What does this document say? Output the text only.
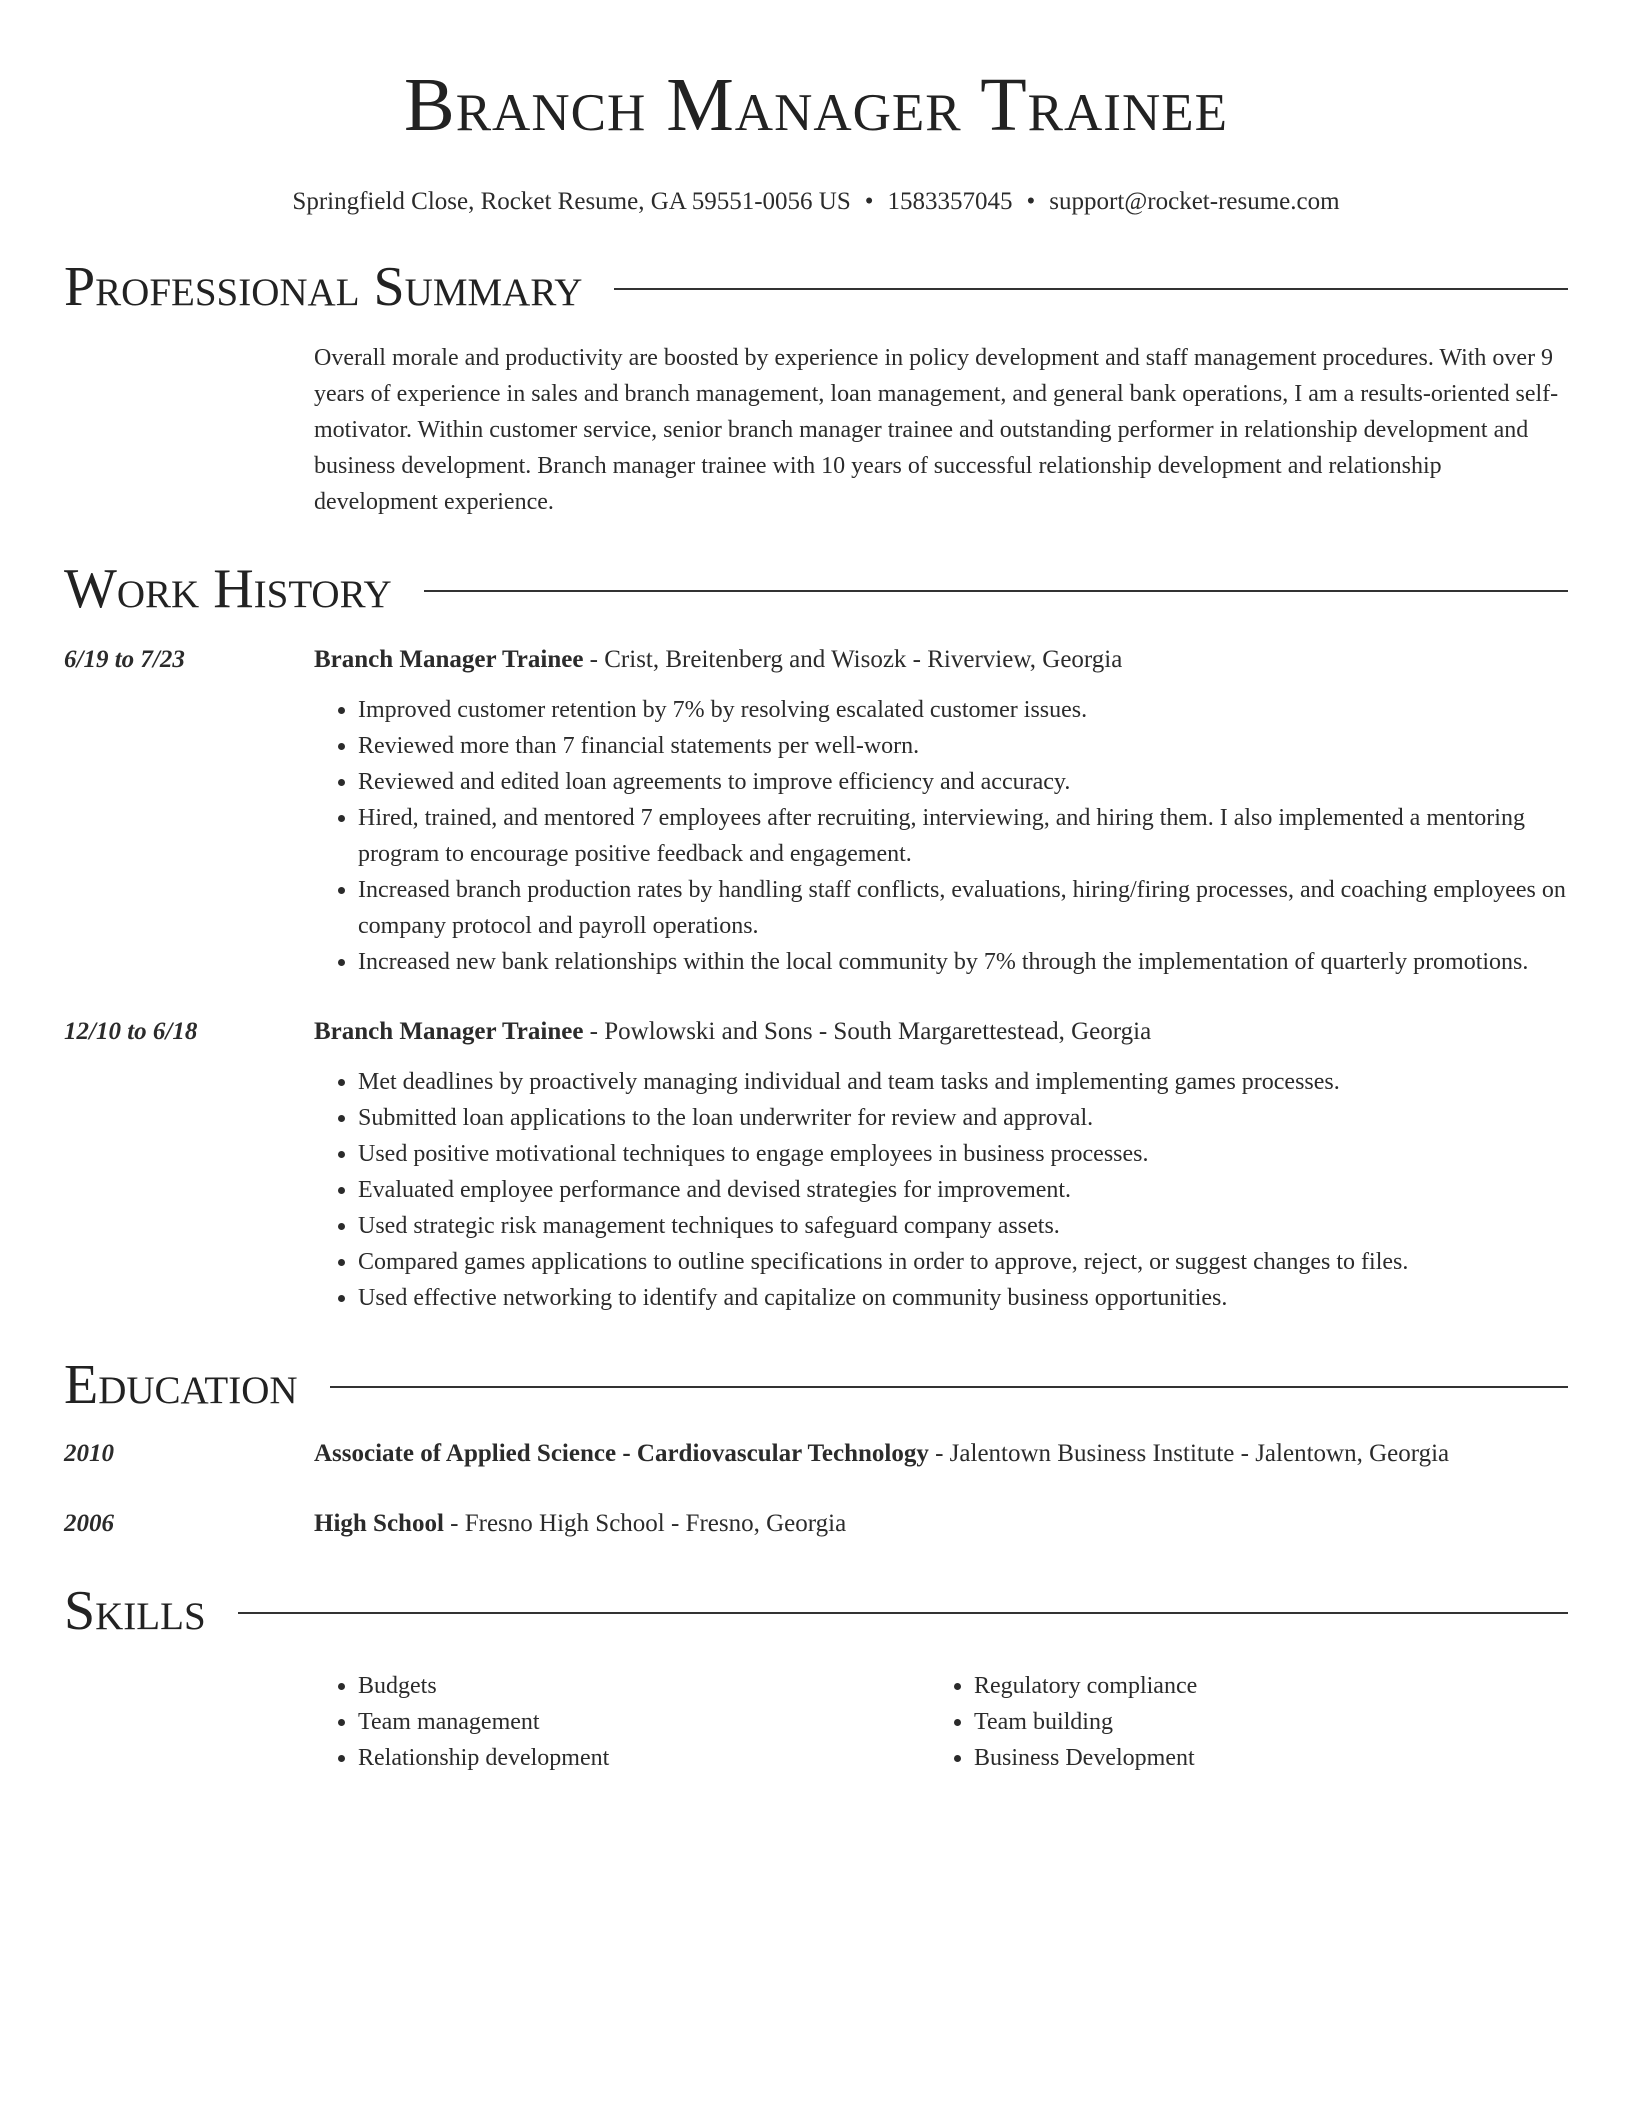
Branch Manager Trainee
Springfield Close, Rocket Resume, GA 59551-0056 US • 1583357045 • support@rocket-resume.com
Professional Summary
Overall morale and productivity are boosted by experience in policy development and staff management procedures. With over 9 years of experience in sales and branch management, loan management, and general bank operations, I am a results-oriented self-motivator. Within customer service, senior branch manager trainee and outstanding performer in relationship development and business development. Branch manager trainee with 10 years of successful relationship development and relationship development experience.
Work History
6/19 to 7/23	Branch Manager Trainee - Crist, Breitenberg and Wisozk - Riverview, Georgia
• Improved customer retention by 7% by resolving escalated customer issues.
• Reviewed more than 7 financial statements per well-worn.
• Reviewed and edited loan agreements to improve efficiency and accuracy.
• Hired, trained, and mentored 7 employees after recruiting, interviewing, and hiring them. I also implemented a mentoring program to encourage positive feedback and engagement.
• Increased branch production rates by handling staff conflicts, evaluations, hiring/firing processes, and coaching employees on company protocol and payroll operations.
• Increased new bank relationships within the local community by 7% through the implementation of quarterly promotions.
12/10 to 6/18	Branch Manager Trainee - Powlowski and Sons - South Margarettestead, Georgia
• Met deadlines by proactively managing individual and team tasks and implementing games processes.
• Submitted loan applications to the loan underwriter for review and approval.
• Used positive motivational techniques to engage employees in business processes.
• Evaluated employee performance and devised strategies for improvement.
• Used strategic risk management techniques to safeguard company assets.
• Compared games applications to outline specifications in order to approve, reject, or suggest changes to files.
• Used effective networking to identify and capitalize on community business opportunities.
Education
2010	Associate of Applied Science - Cardiovascular Technology - Jalentown Business Institute - Jalentown, Georgia
2006	High School - Fresno High School - Fresno, Georgia
Skills
• Budgets
• Team management
• Relationship development
• Regulatory compliance
• Team building
• Business Development
